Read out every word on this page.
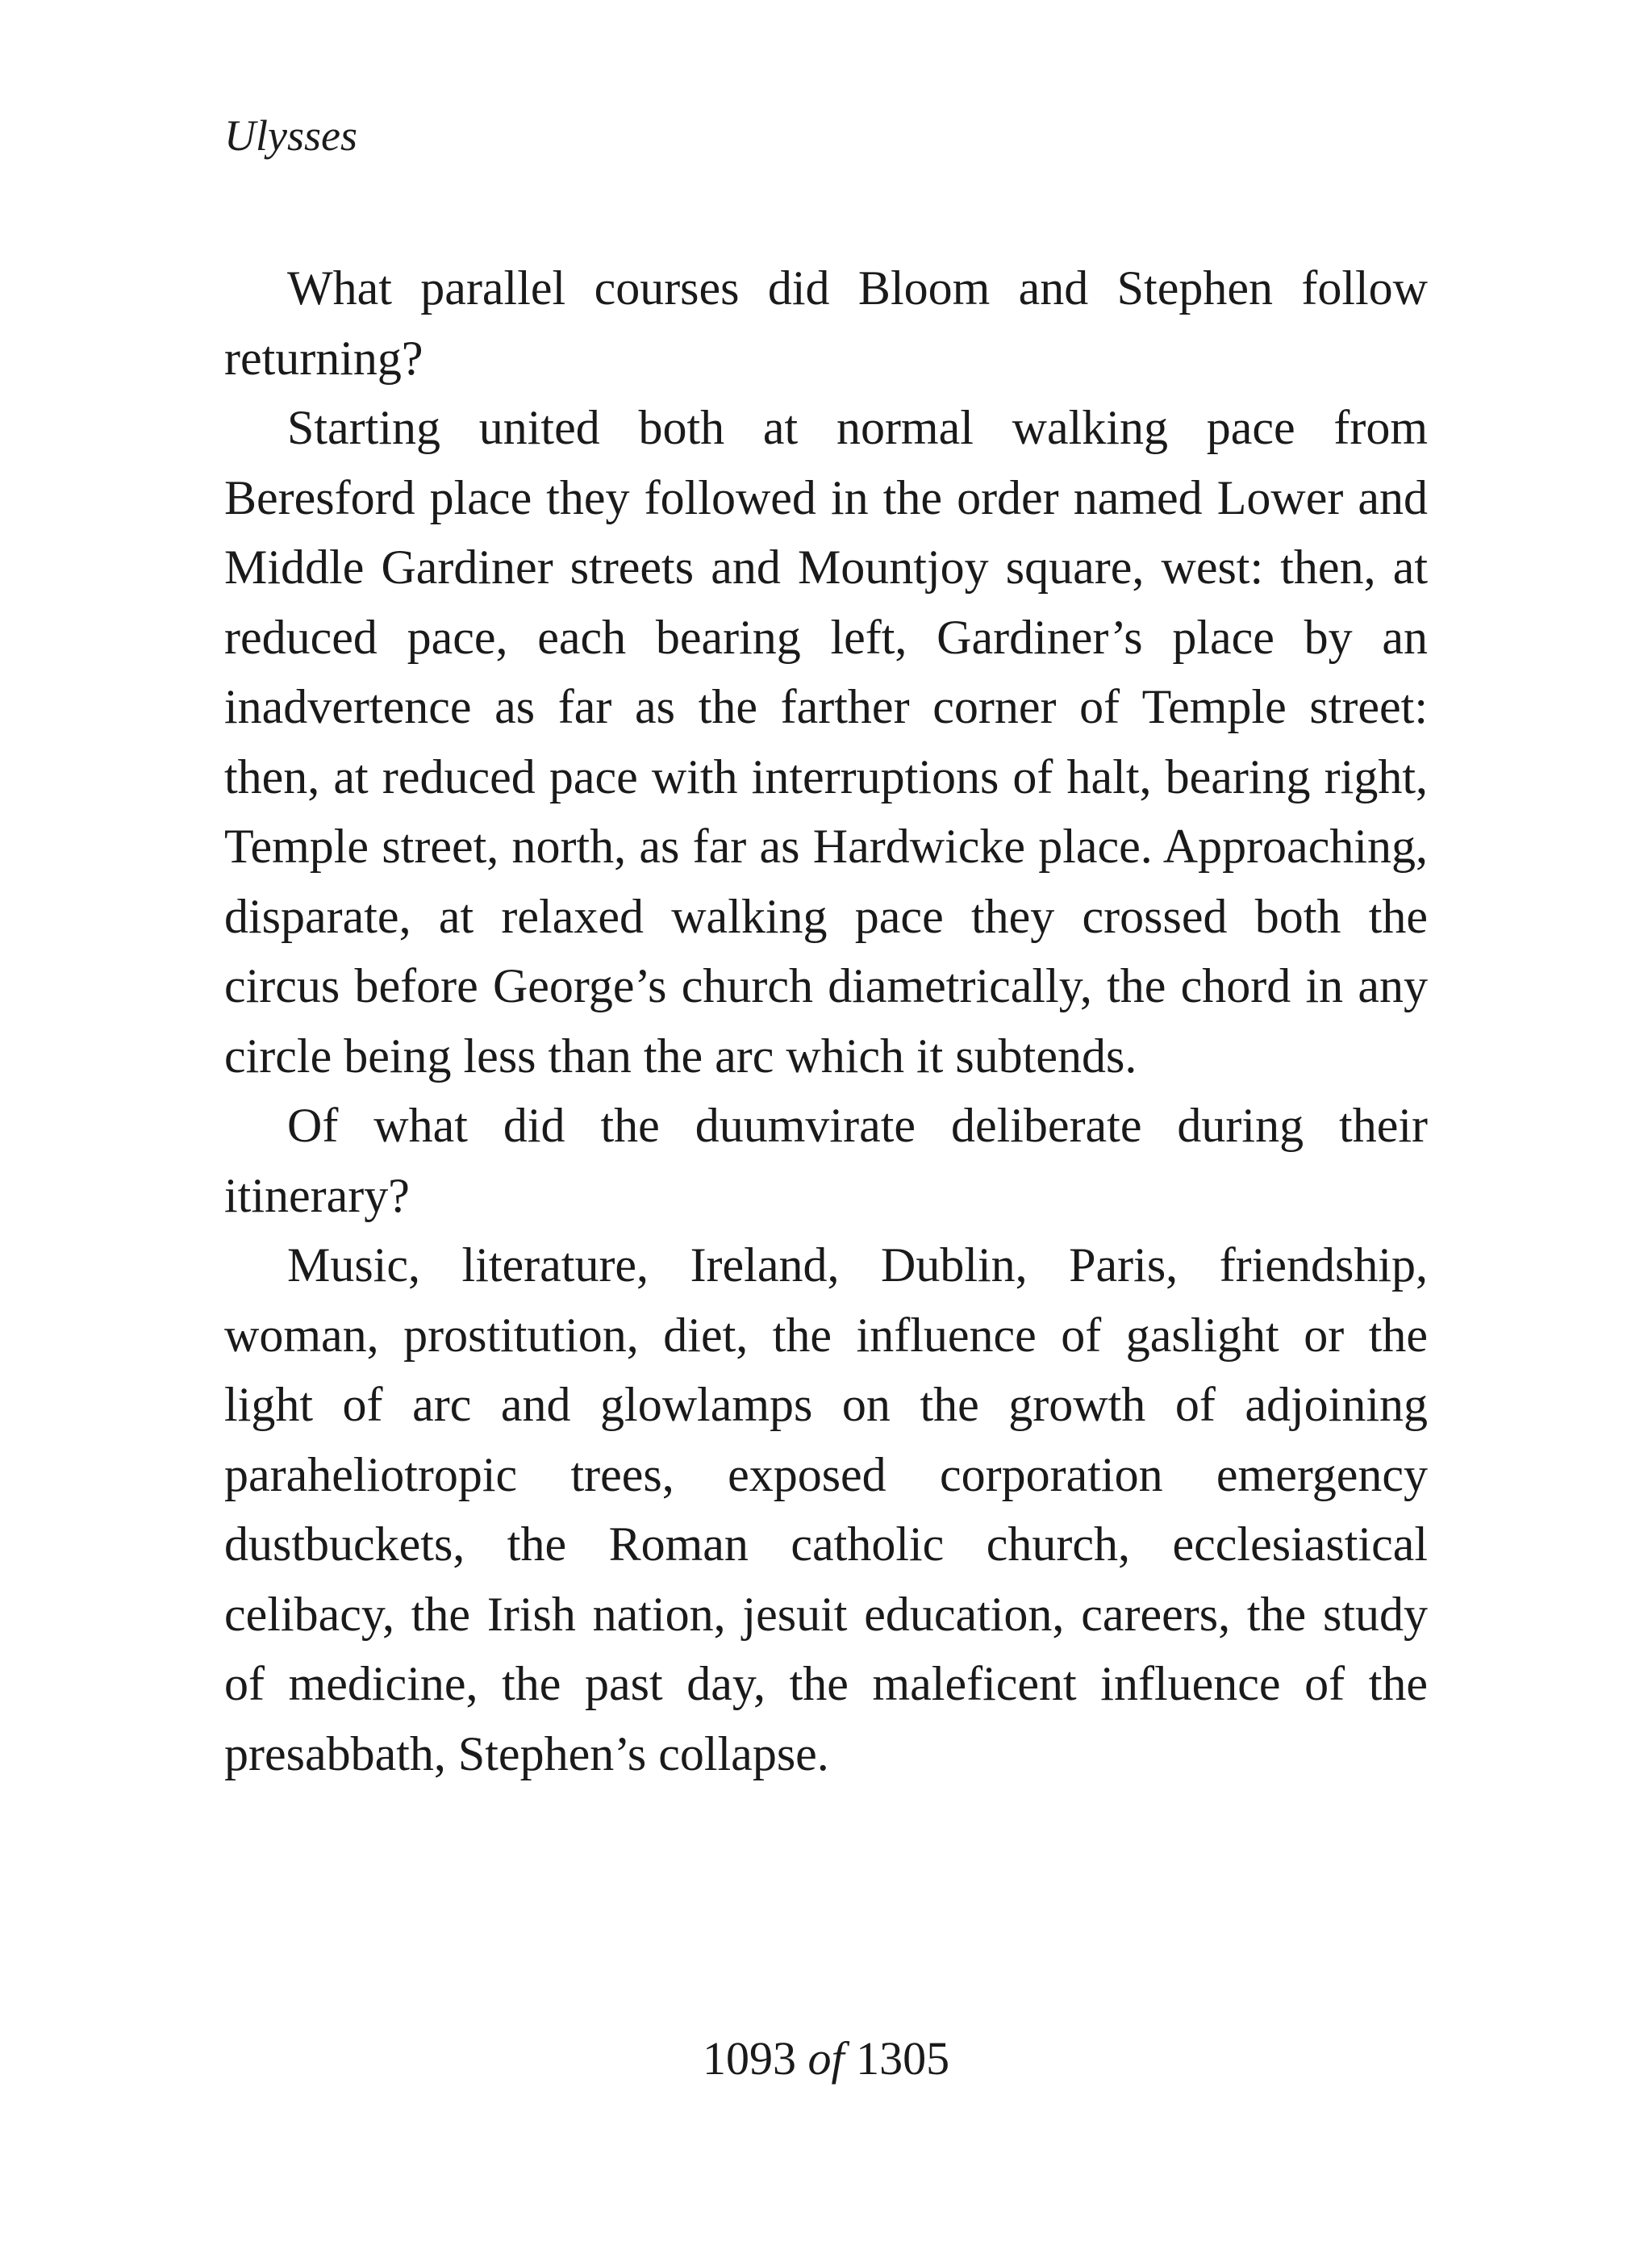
Ulysses

What parallel courses did Bloom and Stephen follow returning?

Starting united both at normal walking pace from Beresford place they followed in the order named Lower and Middle Gardiner streets and Mountjoy square, west: then, at reduced pace, each bearing left, Gardiner’s place by an inadvertence as far as the farther corner of Temple street: then, at reduced pace with interruptions of halt, bearing right, Temple street, north, as far as Hardwicke place. Approaching, disparate, at relaxed walking pace they crossed both the circus before George’s church diametrically, the chord in any circle being less than the arc which it subtends.

Of what did the duumvirate deliberate during their itinerary?

Music, literature, Ireland, Dublin, Paris, friendship, woman, prostitution, diet, the influence of gaslight or the light of arc and glowlamps on the growth of adjoining paraheliotropic trees, exposed corporation emergency dustbuckets, the Roman catholic church, ecclesiastical celibacy, the Irish nation, jesuit education, careers, the study of medicine, the past day, the maleficent influence of the presabbath, Stephen’s collapse.

1093 of 1305
